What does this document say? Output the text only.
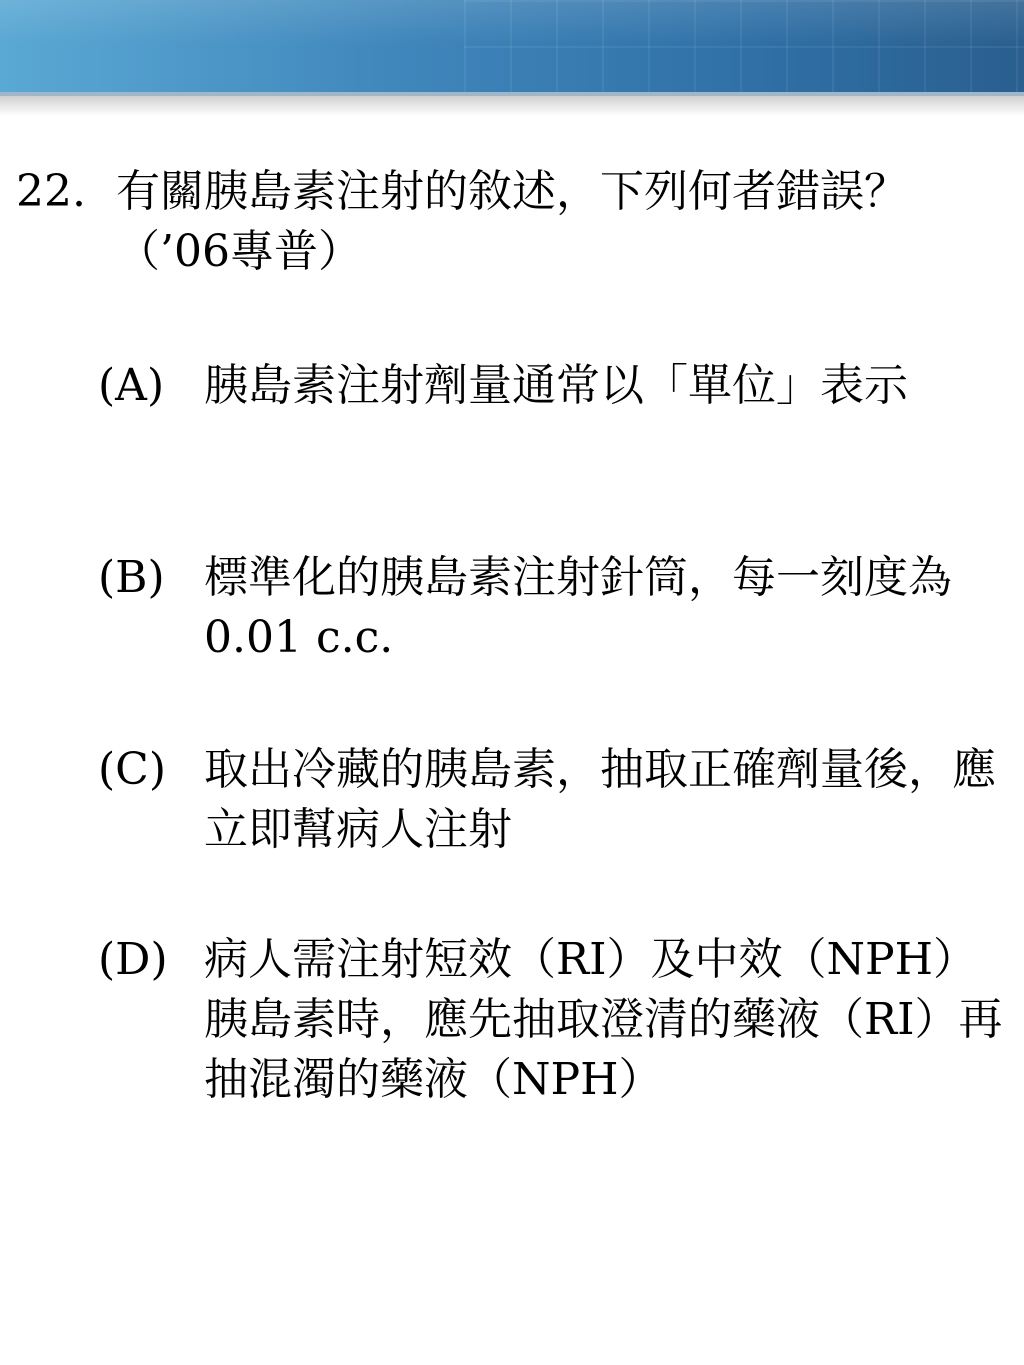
22. 有關胰島素注射的敘述，下列何者錯誤？ （’06專普）
(A) 胰島素注射劑量通常以「單位」表示
(B) 標準化的胰島素注射針筒，每一刻度為0.01 c.c.
(C) 取出冷藏的胰島素，抽取正確劑量後，應立即幫病人注射
(D) 病人需注射短效（RI）及中效（NPH）胰島素時，應先抽取澄清的藥液（RI）再抽混濁的藥液（NPH）
